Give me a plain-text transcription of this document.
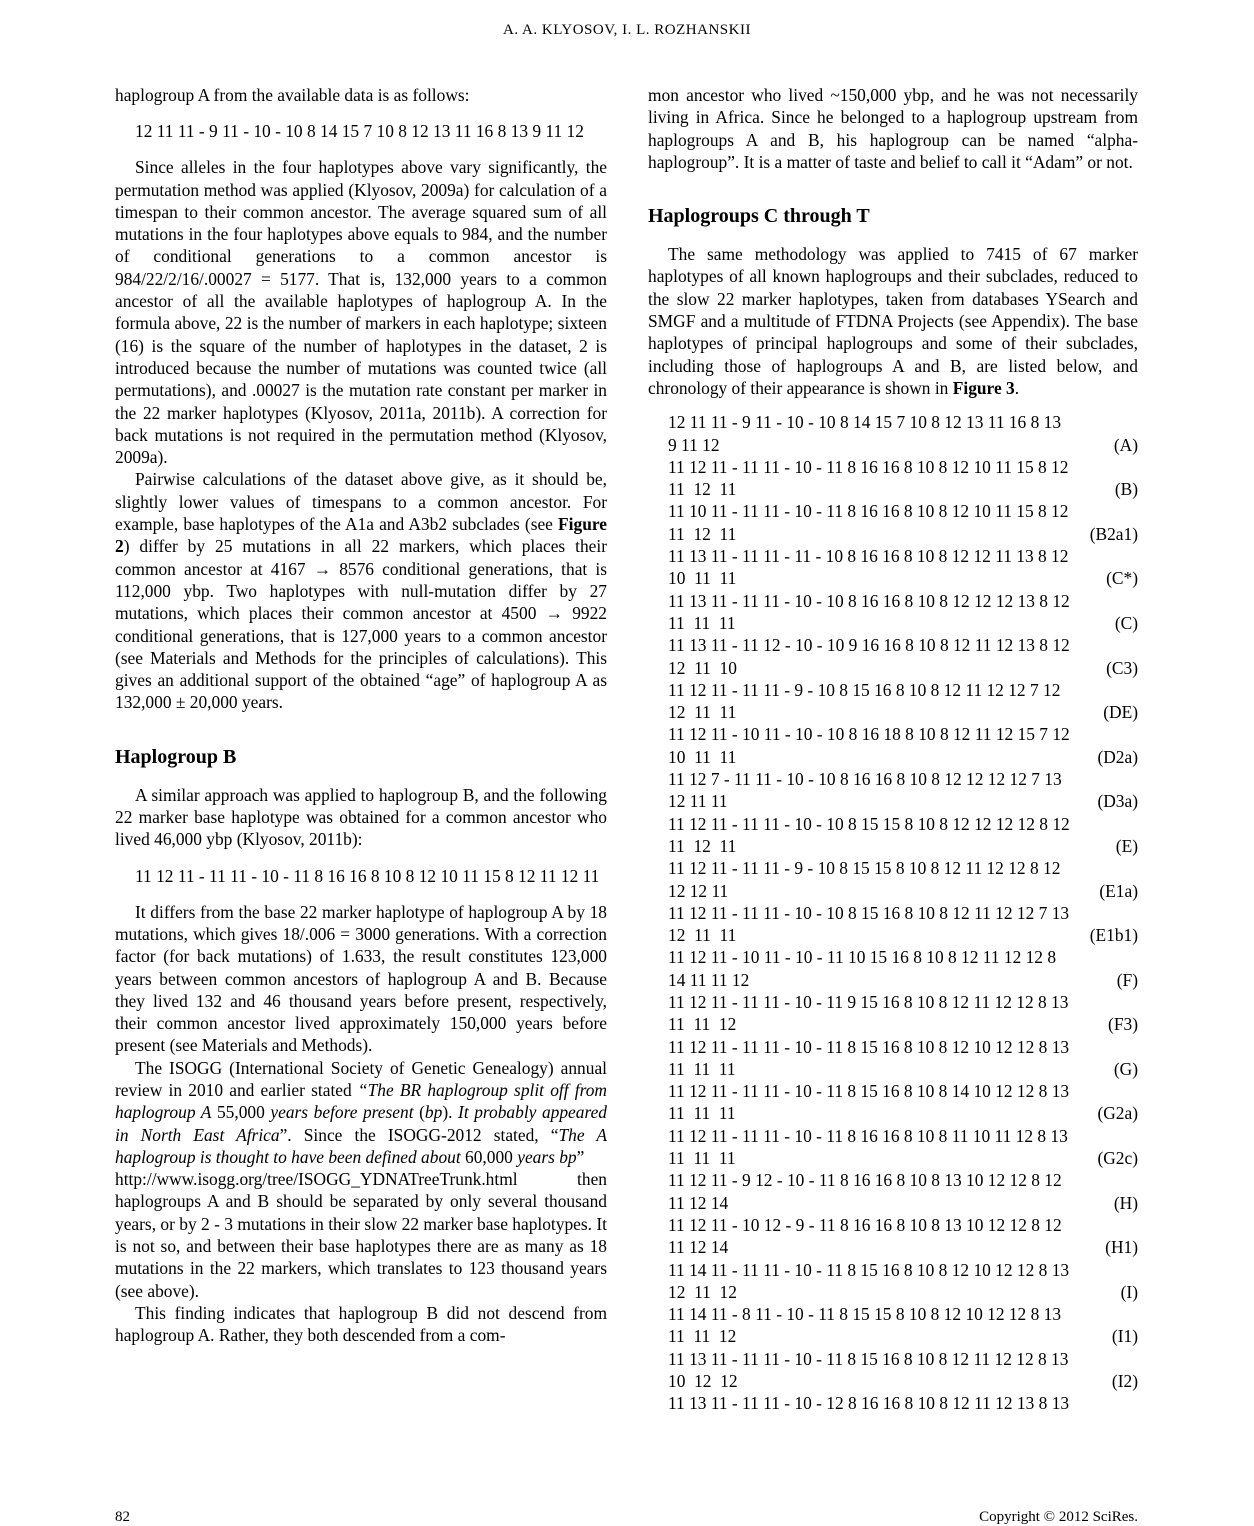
A. A. KLYOSOV, I. L. ROZHANSKII

haplogroup A from the available data is as follows:

12 11 11 - 9 11 - 10 - 10 8 14 15 7 10 8 12 13 11 16 8 13 9 11 12

Since alleles in the four haplotypes above vary significantly, the permutation method was applied (Klyosov, 2009a) for calculation of a timespan to their common ancestor. The average squared sum of all mutations in the four haplotypes above equals to 984, and the number of conditional generations to a common ancestor is 984/22/2/16/.00027 = 5177. That is, 132,000 years to a common ancestor of all the available haplotypes of haplogroup A. In the formula above, 22 is the number of markers in each haplotype; sixteen (16) is the square of the number of haplotypes in the dataset, 2 is introduced because the number of mutations was counted twice (all permutations), and .00027 is the mutation rate constant per marker in the 22 marker haplotypes (Klyosov, 2011a, 2011b). A correction for back mutations is not required in the permutation method (Klyosov, 2009a).

Pairwise calculations of the dataset above give, as it should be, slightly lower values of timespans to a common ancestor. For example, base haplotypes of the A1a and A3b2 subclades (see Figure 2) differ by 25 mutations in all 22 markers, which places their common ancestor at 4167 → 8576 conditional generations, that is 112,000 ybp. Two haplotypes with null-mutation differ by 27 mutations, which places their common ancestor at 4500 → 9922 conditional generations, that is 127,000 years to a common ancestor (see Materials and Methods for the principles of calculations). This gives an additional support of the obtained “age” of haplogroup A as 132,000 ± 20,000 years.

Haplogroup B

A similar approach was applied to haplogroup B, and the following 22 marker base haplotype was obtained for a common ancestor who lived 46,000 ybp (Klyosov, 2011b):

11 12 11 - 11 11 - 10 - 11 8 16 16 8 10 8 12 10 11 15 8 12 11 12 11

It differs from the base 22 marker haplotype of haplogroup A by 18 mutations, which gives 18/.006 = 3000 generations. With a correction factor (for back mutations) of 1.633, the result constitutes 123,000 years between common ancestors of haplogroup A and B. Because they lived 132 and 46 thousand years before present, respectively, their common ancestor lived approximately 150,000 years before present (see Materials and Methods).

The ISOGG (International Society of Genetic Genealogy) annual review in 2010 and earlier stated “The BR haplogroup split off from haplogroup A 55,000 years before present (bp). It probably appeared in North East Africa”. Since the ISOGG-2012 stated, “The A haplogroup is thought to have been defined about 60,000 years bp”

http://www.isogg.org/tree/ISOGG_YDNATreeTrunk.html then haplogroups A and B should be separated by only several thousand years, or by 2 - 3 mutations in their slow 22 marker base haplotypes. It is not so, and between their base haplotypes there are as many as 18 mutations in the 22 markers, which translates to 123 thousand years (see above).

This finding indicates that haplogroup B did not descend from haplogroup A. Rather, they both descended from a com-

mon ancestor who lived ~150,000 ybp, and he was not necessarily living in Africa. Since he belonged to a haplogroup upstream from haplogroups A and B, his haplogroup can be named “alpha-haplogroup”. It is a matter of taste and belief to call it “Adam” or not.

Haplogroups C through T

The same methodology was applied to 7415 of 67 marker haplotypes of all known haplogroups and their subclades, reduced to the slow 22 marker haplotypes, taken from databases YSearch and SMGF and a multitude of FTDNA Projects (see Appendix). The base haplotypes of principal haplogroups and some of their subclades, including those of haplogroups A and B, are listed below, and chronology of their appearance is shown in Figure 3.

12 11 11 - 9 11 - 10 - 10 8 14 15 7 10 8 12 13 11 16 8 13
9 11 12	(A)
11 12 11 - 11 11 - 10 - 11 8 16 16 8 10 8 12 10 11 15 8 12
11  12  11	(B)
11 10 11 - 11 11 - 10 - 11 8 16 16 8 10 8 12 10 11 15 8 12
11  12  11	(B2a1)
11 13 11 - 11 11 - 11 - 10 8 16 16 8 10 8 12 12 11 13 8 12
10  11  11	(C*)
11 13 11 - 11 11 - 10 - 10 8 16 16 8 10 8 12 12 12 13 8 12
11  11  11	(C)
11 13 11 - 11 12 - 10 - 10 9 16 16 8 10 8 12 11 12 13 8 12
12  11  10	(C3)
11 12 11 - 11 11 - 9 - 10 8 15 16 8 10 8 12 11 12 12 7 12
12  11  11	(DE)
11 12 11 - 10 11 - 10 - 10 8 16 18 8 10 8 12 11 12 15 7 12
10  11  11	(D2a)
11 12 7 - 11 11 - 10 - 10 8 16 16 8 10 8 12 12 12 12 7 13
12 11 11	(D3a)
11 12 11 - 11 11 - 10 - 10 8 15 15 8 10 8 12 12 12 12 8 12
11  12  11	(E)
11 12 11 - 11 11 - 9 - 10 8 15 15 8 10 8 12 11 12 12 8 12
12 12 11	(E1a)
11 12 11 - 11 11 - 10 - 10 8 15 16 8 10 8 12 11 12 12 7 13
12  11  11	(E1b1)
11 12 11 - 10 11 - 10 - 11 10 15 16 8 10 8 12 11 12 12 8
14 11 11 12	(F)
11 12 11 - 11 11 - 10 - 11 9 15 16 8 10 8 12 11 12 12 8 13
11  11  12	(F3)
11 12 11 - 11 11 - 10 - 11 8 15 16 8 10 8 12 10 12 12 8 13
11  11  11	(G)
11 12 11 - 11 11 - 10 - 11 8 15 16 8 10 8 14 10 12 12 8 13
11  11  11	(G2a)
11 12 11 - 11 11 - 10 - 11 8 16 16 8 10 8 11 10 11 12 8 13
11  11  11	(G2c)
11 12 11 - 9 12 - 10 - 11 8 16 16 8 10 8 13 10 12 12 8 12
11 12 14	(H)
11 12 11 - 10 12 - 9 - 11 8 16 16 8 10 8 13 10 12 12 8 12
11 12 14	(H1)
11 14 11 - 11 11 - 10 - 11 8 15 16 8 10 8 12 10 12 12 8 13
12  11  12	(I)
11 14 11 - 8 11 - 10 - 11 8 15 15 8 10 8 12 10 12 12 8 13
11  11  12	(I1)
11 13 11 - 11 11 - 10 - 11 8 15 16 8 10 8 12 11 12 12 8 13
10  12  12	(I2)
11 13 11 - 11 11 - 10 - 12 8 16 16 8 10 8 12 11 12 13 8 13
82	Copyright © 2012 SciRes.
